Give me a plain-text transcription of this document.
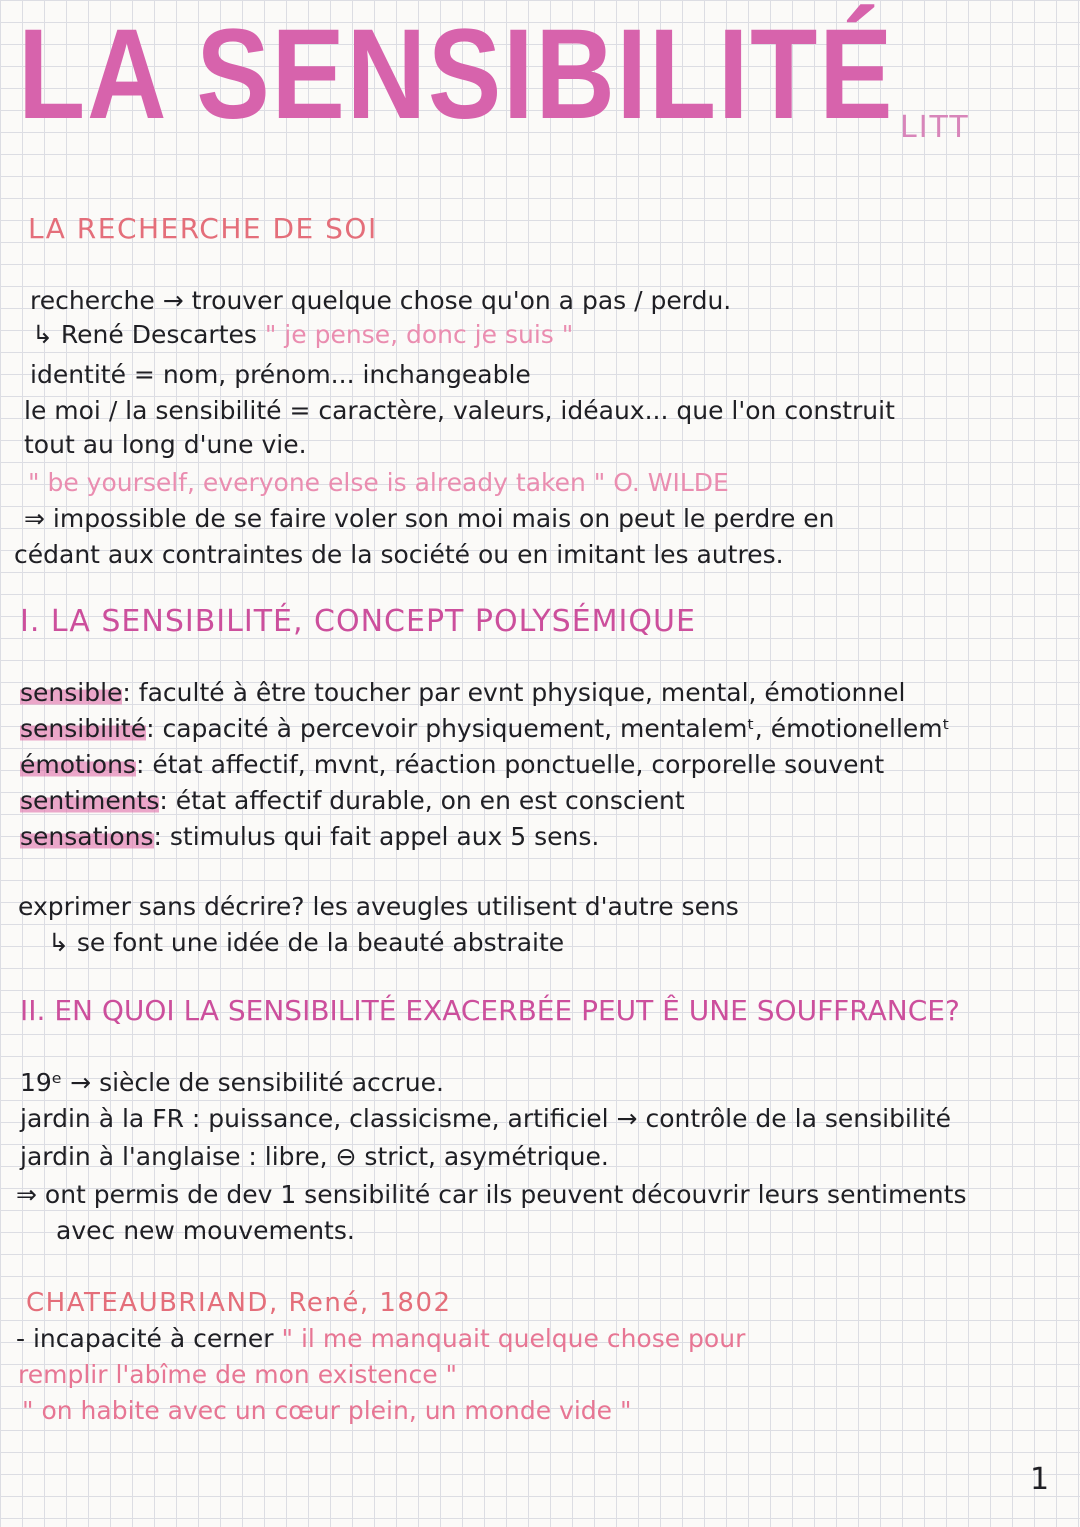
LA SENSIBILITÉ LITT
LA RECHERCHE DE SOI
recherche → trouver quelque chose qu'on a pas / perdu.
↳ René Descartes " je pense, donc je suis "
identité = nom, prénom... inchangeable
le moi / la sensibilité = caractère, valeurs, idéaux... que l'on construit
tout au long d'une vie.
" be yourself, everyone else is already taken " O. WILDE
⇒ impossible de se faire voler son moi mais on peut le perdre en
cédant aux contraintes de la société ou en imitant les autres.
I. LA SENSIBILITÉ, CONCEPT POLYSÉMIQUE
sensible: faculté à être toucher par evnt physique, mental, émotionnel
sensibilité: capacité à percevoir physiquement, mentalemᵗ, émotionellemᵗ
émotions: état affectif, mvnt, réaction ponctuelle, corporelle souvent
sentiments: état affectif durable, on en est conscient
sensations: stimulus qui fait appel aux 5 sens.
exprimer sans décrire? les aveugles utilisent d'autre sens
↳ se font une idée de la beauté abstraite
II. EN QUOI LA SENSIBILITÉ EXACERBÉE PEUT Ê UNE SOUFFRANCE?
19ᵉ → siècle de sensibilité accrue.
jardin à la FR : puissance, classicisme, artificiel → contrôle de la sensibilité
jardin à l'anglaise : libre, ⊖ strict, asymétrique.
⇒ ont permis de dev 1 sensibilité car ils peuvent découvrir leurs sentiments
avec new mouvements.
CHATEAUBRIAND, René, 1802
- incapacité à cerner " il me manquait quelque chose pour
remplir l'abîme de mon existence "
" on habite avec un cœur plein, un monde vide "
1
